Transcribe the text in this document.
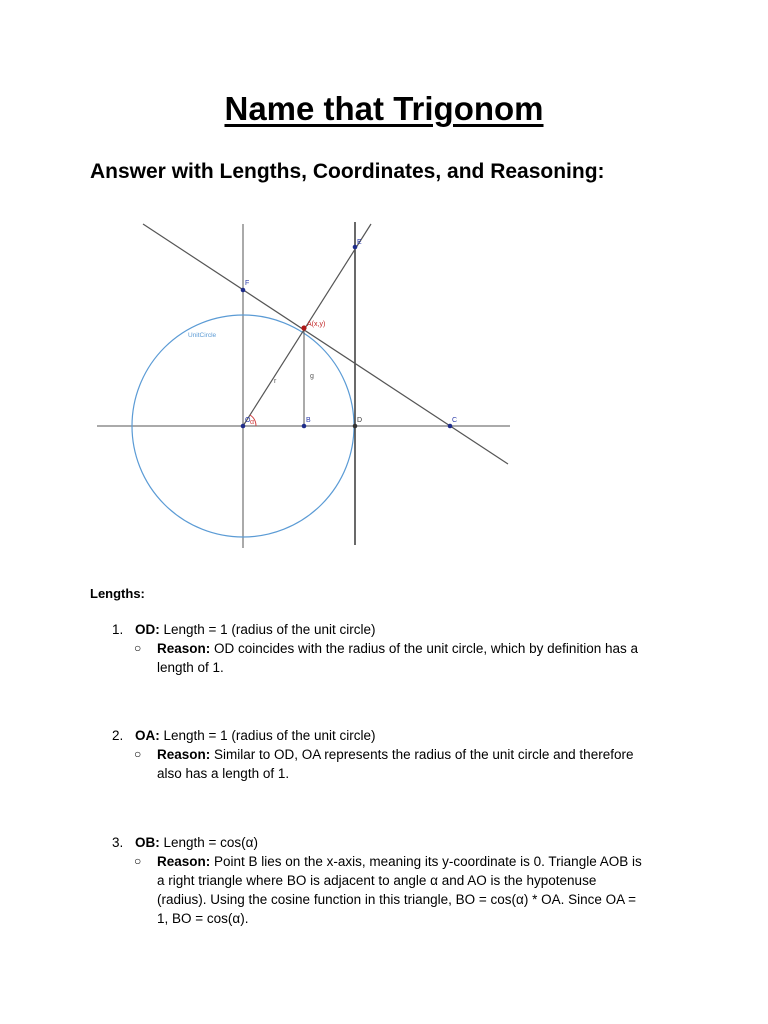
Name that Trigonom
Answer with Lengths, Coordinates, and Reasoning:
E
F
A(x,y)
UnitCircle
r
g
O α	B	D	C
Lengths:
1. OD: Length = 1 (radius of the unit circle)
○ Reason: OD coincides with the radius of the unit circle, which by definition has a
length of 1.
2. OA: Length = 1 (radius of the unit circle)
○ Reason: Similar to OD, OA represents the radius of the unit circle and therefore
also has a length of 1.
3. OB: Length = cos(α)
○ Reason: Point B lies on the x-axis, meaning its y-coordinate is 0. Triangle AOB is
a right triangle where BO is adjacent to angle α and AO is the hypotenuse
(radius). Using the cosine function in this triangle, BO = cos(α) * OA. Since OA =
1, BO = cos(α).
